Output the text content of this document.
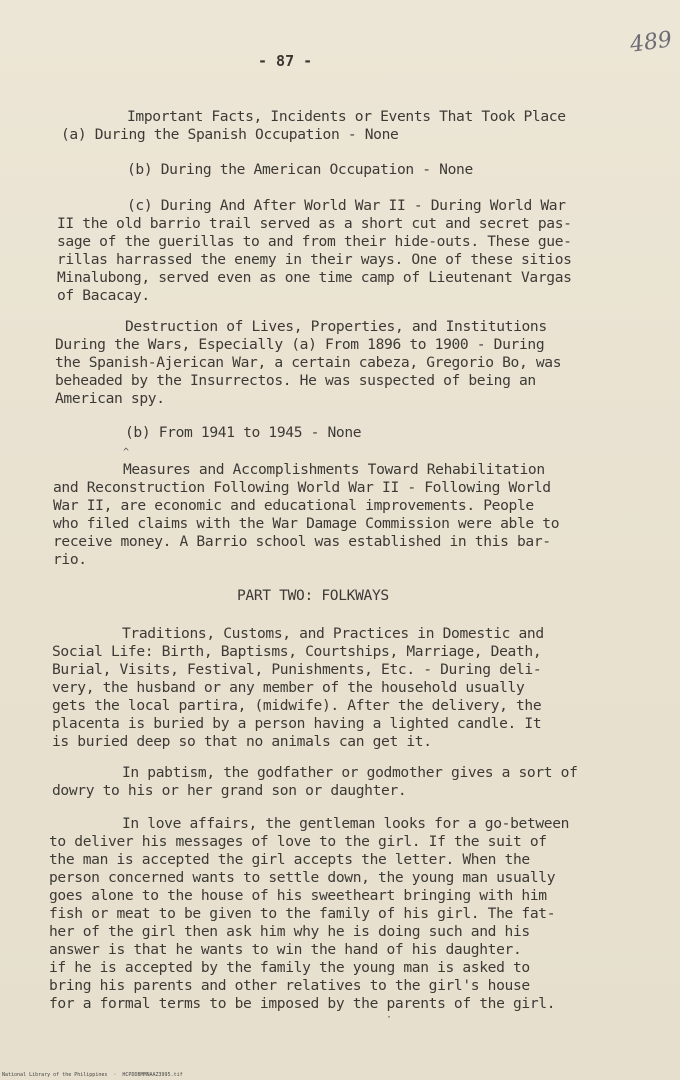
- 87 -
489
Important Facts, Incidents or Events That Took Place
(a) During the Spanish Occupation - None
(b) During the American Occupation - None
(c) During And After World War II - During World War
II the old barrio trail served as a short cut and secret pas-
sage of the guerillas to and from their hide-outs. These gue-
rillas harrassed the enemy in their ways. One of these sitios
Minalubong, served even as one time camp of Lieutenant Vargas
of Bacacay.
Destruction of Lives, Properties, and Institutions
During the Wars, Especially (a) From 1896 to 1900 - During
the Spanish-Ajerican War, a certain cabeza, Gregorio Bo, was
beheaded by the Insurrectos. He was suspected of being an
American spy.
(b) From 1941 to 1945 - None
^
Measures and Accomplishments Toward Rehabilitation
and Reconstruction Following World War II - Following World
War II, are economic and educational improvements. People
who filed claims with the War Damage Commission were able to
receive money. A Barrio school was established in this bar-
rio.
PART TWO: FOLKWAYS
Traditions, Customs, and Practices in Domestic and
Social Life: Birth, Baptisms, Courtships, Marriage, Death,
Burial, Visits, Festival, Punishments, Etc. - During deli-
very, the husband or any member of the household usually
gets the local partira, (midwife). After the delivery, the
placenta is buried by a person having a lighted candle. It
is buried deep so that no animals can get it.
In pabtism, the godfather or godmother gives a sort of
dowry to his or her grand son or daughter.
In love affairs, the gentleman looks for a go-between
to deliver his messages of love to the girl. If the suit of
the man is accepted the girl accepts the letter. When the
person concerned wants to settle down, the young man usually
goes alone to the house of his sweetheart bringing with him
fish or meat to be given to the family of his girl. The fat-
her of the girl then ask him why he is doing such and his
answer is that he wants to win the hand of his daughter.
if he is accepted by the family the young man is asked to
bring his parents and other relatives to the girl's house
for a formal terms to be imposed by the parents of the girl.
·
National Library of the Philippines  ·  HCPDDBMMNAAZ3995.tif
